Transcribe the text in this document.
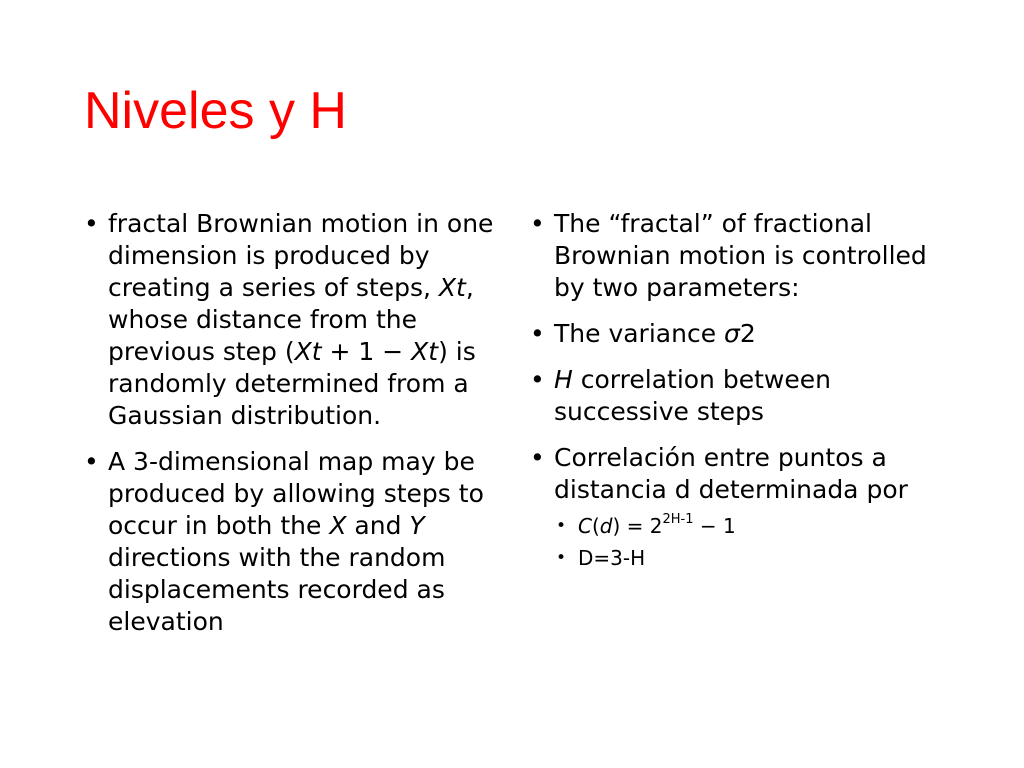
Niveles y H
• fractal Brownian motion in one dimension is produced by creating a series of steps, Xt, whose distance from the previous step (Xt + 1 − Xt) is randomly determined from a Gaussian distribution.
• A 3-dimensional map may be produced by allowing steps to occur in both the X and Y directions with the random displacements recorded as elevation
• The “fractal” of fractional Brownian motion is controlled by two parameters:
• The variance σ2
• H correlation between successive steps
• Correlación entre puntos a distancia d determinada por
• $C(d) = 2^{2H-1} - 1$
• D=3-H
